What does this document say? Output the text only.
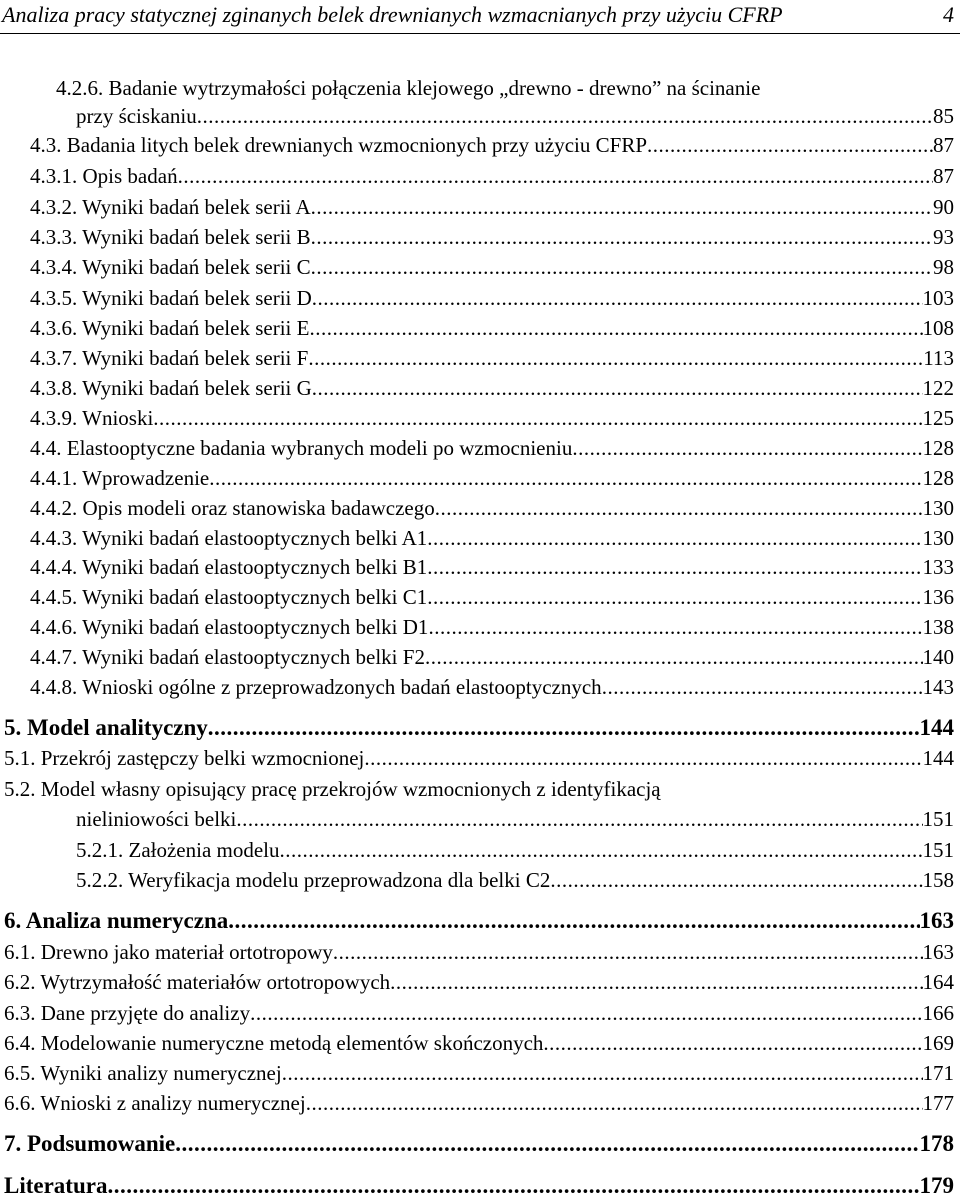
Analiza pracy statycznej zginanych belek drewnianych wzmacnianych przy użyciu CFRP	4
4.2.6. Badanie wytrzymałości połączenia klejowego „drewno - drewno” na ścinanie
przy ściskaniu .....	85
4.3. Badania litych belek drewnianych wzmocnionych przy użyciu CFRP .....	87
4.3.1. Opis badań .....	87
4.3.2. Wyniki badań belek serii A .....	90
4.3.3. Wyniki badań belek serii B .....	93
4.3.4. Wyniki badań belek serii C .....	98
4.3.5. Wyniki badań belek serii D .....	103
4.3.6. Wyniki badań belek serii E .....	108
4.3.7. Wyniki badań belek serii F .....	113
4.3.8. Wyniki badań belek serii G .....	122
4.3.9. Wnioski .....	125
4.4. Elastooptyczne badania wybranych modeli po wzmocnieniu .....	128
4.4.1. Wprowadzenie .....	128
4.4.2. Opis modeli oraz stanowiska badawczego .....	130
4.4.3. Wyniki badań elastooptycznych belki A1 .....	130
4.4.4. Wyniki badań elastooptycznych belki B1 .....	133
4.4.5. Wyniki badań elastooptycznych belki C1 .....	136
4.4.6. Wyniki badań elastooptycznych belki D1 .....	138
4.4.7. Wyniki badań elastooptycznych belki F2 .....	140
4.4.8. Wnioski ogólne z przeprowadzonych badań elastooptycznych .....	143
5. Model analityczny .....	144
5.1. Przekrój zastępczy belki wzmocnionej .....	144
5.2. Model własny opisujący pracę przekrojów wzmocnionych z identyfikacją
nieliniowości belki .....	151
5.2.1. Założenia modelu .....	151
5.2.2. Weryfikacja modelu przeprowadzona dla belki C2 .....	158
6. Analiza numeryczna .....	163
6.1. Drewno jako materiał ortotropowy .....	163
6.2. Wytrzymałość materiałów ortotropowych .....	164
6.3. Dane przyjęte do analizy .....	166
6.4. Modelowanie numeryczne metodą elementów skończonych .....	169
6.5. Wyniki analizy numerycznej .....	171
6.6. Wnioski z analizy numerycznej .....	177
7. Podsumowanie .....	178
Literatura .....	179
